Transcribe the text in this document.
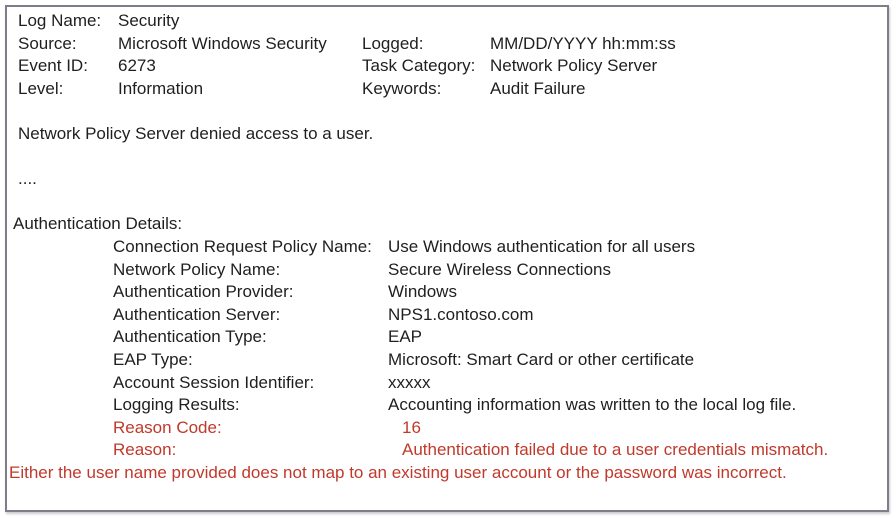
Log Name: Security
Source:	Microsoft Windows Security	Logged:	MM/DD/YYYY hh:mm:ss
Event ID:	6273	Task Category: Network Policy Server
Level:	Information	Keywords:	Audit Failure
Network Policy Server denied access to a user.
....
Authentication Details:
Connection Request Policy Name: Use Windows authentication for all users
Network Policy Name:	Secure Wireless Connections
Authentication Provider:	Windows
Authentication Server:	NPS1.contoso.com
Authentication Type:	EAP
EAP Type:	Microsoft: Smart Card or other certificate
Account Session Identifier:	xxxxx
Logging Results:	Accounting information was written to the local log file.
Reason Code:	16
Reason:	Authentication failed due to a user credentials mismatch.
Either the user name provided does not map to an existing user account or the password was incorrect.
